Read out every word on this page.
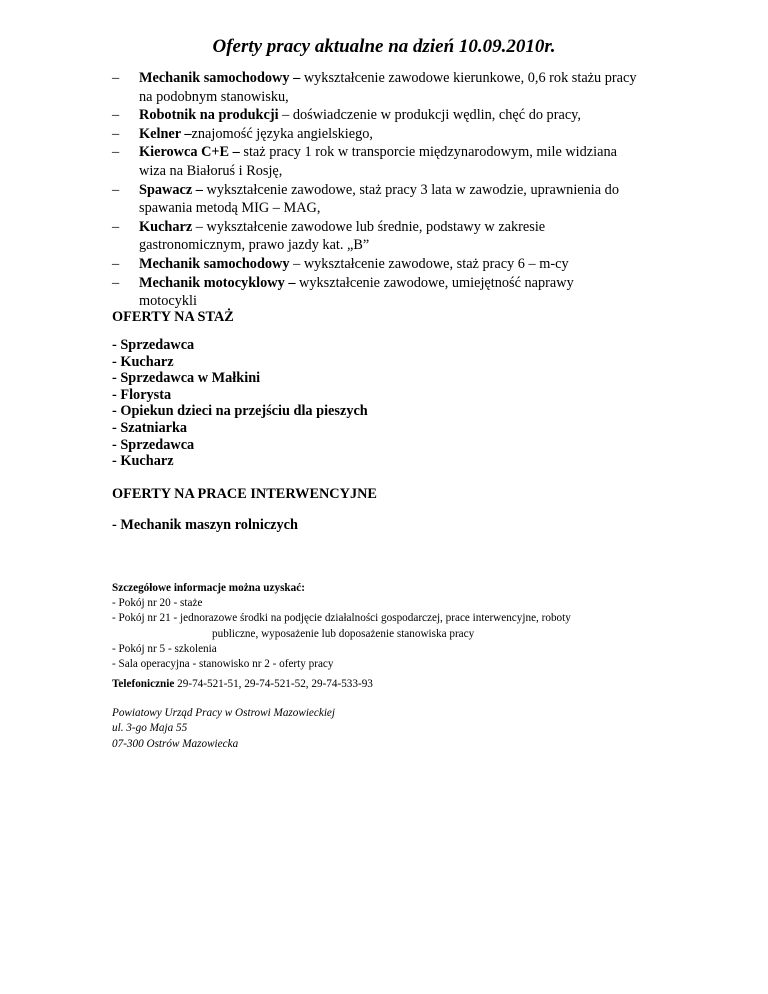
Oferty pracy aktualne na dzień 10.09.2010r.
– Mechanik samochodowy – wykształcenie zawodowe kierunkowe, 0,6 rok stażu pracy
na podobnym stanowisku,
– Robotnik na produkcji – doświadczenie w produkcji wędlin, chęć do pracy,
– Kelner –znajomość języka angielskiego,
– Kierowca C+E – staż pracy 1 rok w transporcie międzynarodowym, mile widziana
wiza na Białoruś i Rosję,
– Spawacz – wykształcenie zawodowe, staż pracy 3 lata w zawodzie, uprawnienia do
spawania metodą MIG – MAG,
– Kucharz – wykształcenie zawodowe lub średnie, podstawy w zakresie
gastronomicznym, prawo jazdy kat. „B”
– Mechanik samochodowy – wykształcenie zawodowe, staż pracy 6 – m-cy
– Mechanik motocyklowy – wykształcenie zawodowe, umiejętność naprawy
motocykli
OFERTY NA STAŻ
- Sprzedawca
- Kucharz
- Sprzedawca w Małkini
- Florysta
- Opiekun dzieci na przejściu dla pieszych
- Szatniarka
- Sprzedawca
- Kucharz
OFERTY NA PRACE INTERWENCYJNE
- Mechanik maszyn rolniczych
Szczegółowe informacje można uzyskać:
- Pokój nr 20 - staże
- Pokój nr 21 - jednorazowe środki na podjęcie działalności gospodarczej, prace interwencyjne, roboty
publiczne, wyposażenie lub doposażenie stanowiska pracy
- Pokój nr 5 - szkolenia
- Sala operacyjna - stanowisko nr 2 - oferty pracy
Telefonicznie 29-74-521-51, 29-74-521-52, 29-74-533-93
Powiatowy Urząd Pracy w Ostrowi Mazowieckiej
ul. 3-go Maja 55
07-300 Ostrów Mazowiecka
